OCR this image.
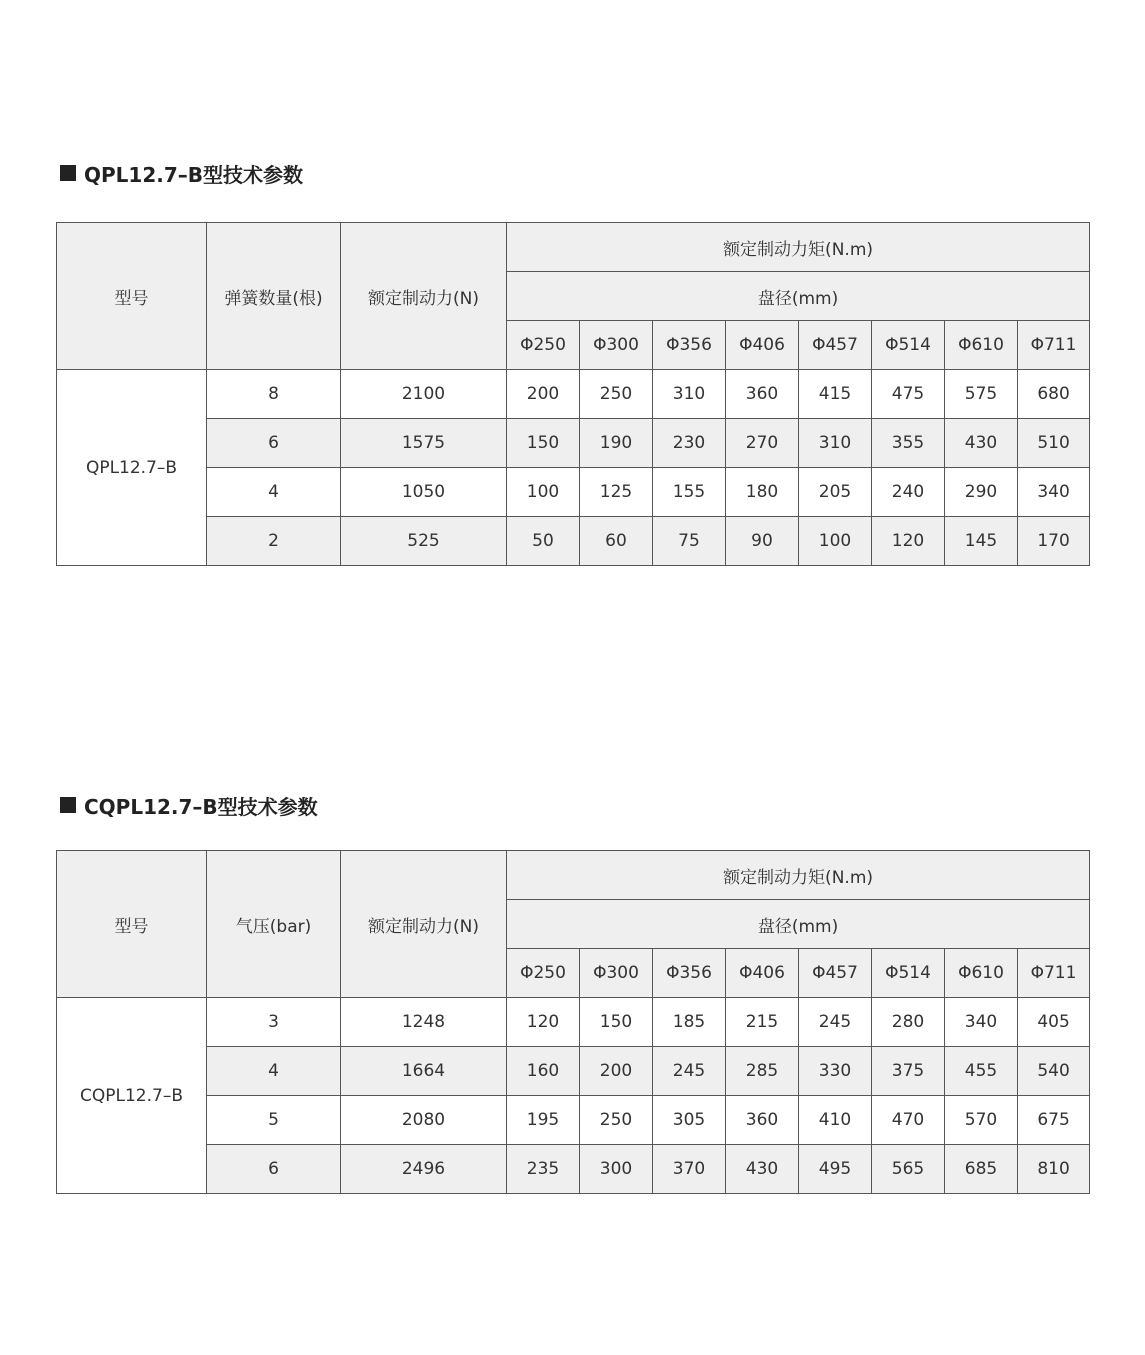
QPL12.7–B型技术参数
型号	弹簧数量(根)	额定制动力(N)	额定制动力矩(N.m)							
			盘径(mm)							
			Φ250	Φ300	Φ356	Φ406	Φ457	Φ514	Φ610	Φ711
QPL12.7–B	8	2100	200	250	310	360	415	475	575	680
	6	1575	150	190	230	270	310	355	430	510
	4	1050	100	125	155	180	205	240	290	340
	2	525	50	60	75	90	100	120	145	170
CQPL12.7–B型技术参数
型号	气压(bar)	额定制动力(N)	额定制动力矩(N.m)							
			盘径(mm)							
			Φ250	Φ300	Φ356	Φ406	Φ457	Φ514	Φ610	Φ711
CQPL12.7–B	3	1248	120	150	185	215	245	280	340	405
	4	1664	160	200	245	285	330	375	455	540
	5	2080	195	250	305	360	410	470	570	675
	6	2496	235	300	370	430	495	565	685	810
